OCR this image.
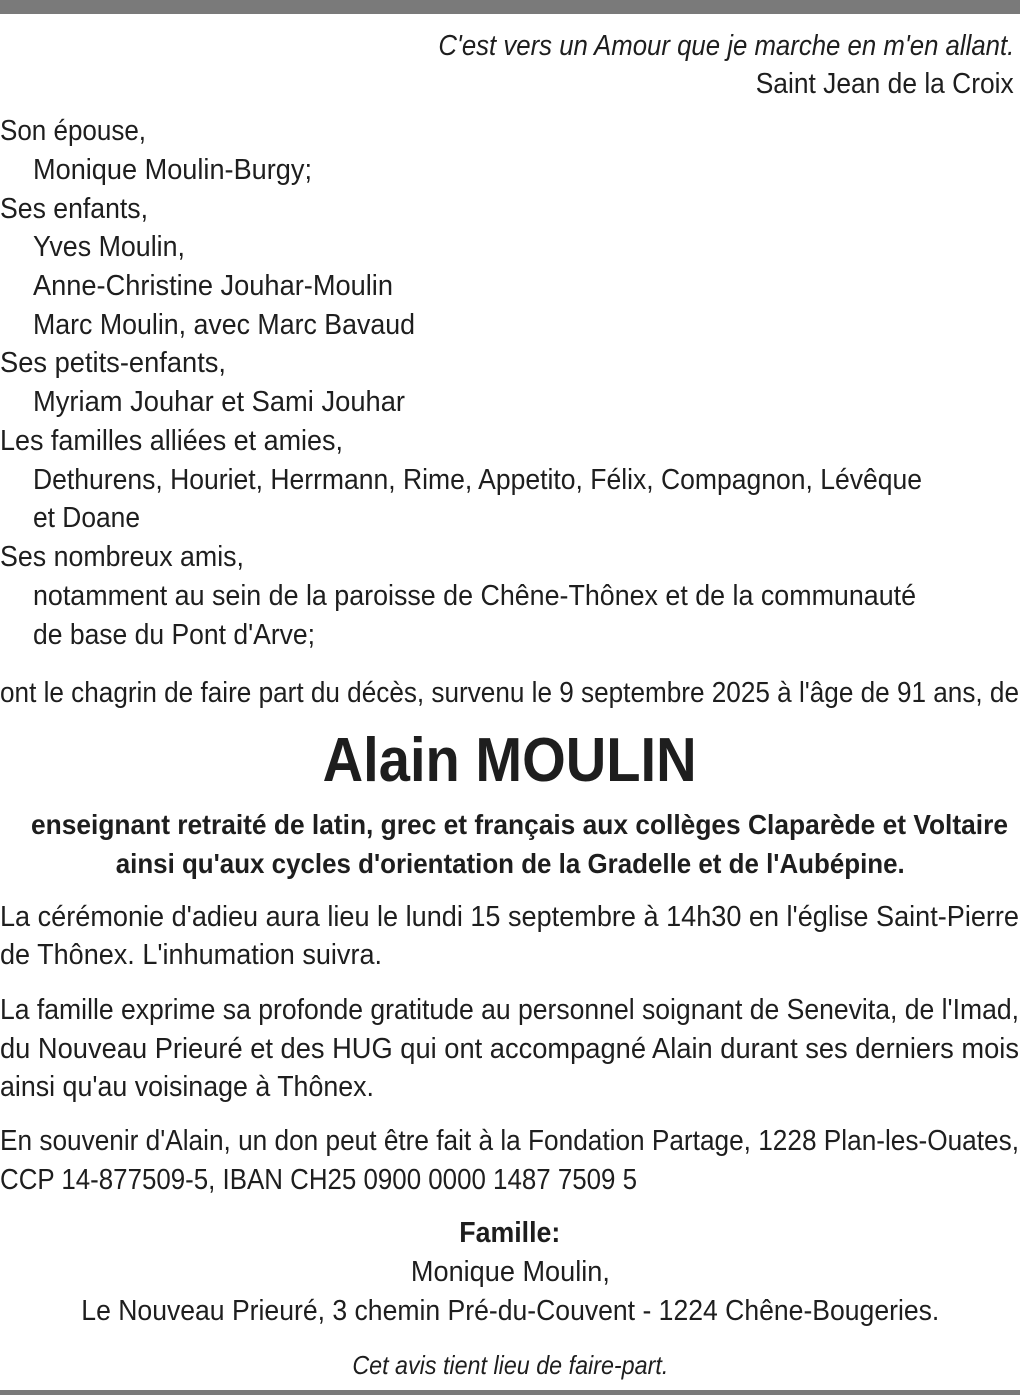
C'est vers un Amour que je marche en m'en allant.
Saint Jean de la Croix
Son épouse,
Monique Moulin-Burgy;
Ses enfants,
Yves Moulin,
Anne-Christine Jouhar-Moulin
Marc Moulin, avec Marc Bavaud
Ses petits-enfants,
Myriam Jouhar et Sami Jouhar
Les familles alliées et amies,
Dethurens, Houriet, Herrmann, Rime, Appetito, Félix, Compagnon, Lévêque
et Doane
Ses nombreux amis,
notamment au sein de la paroisse de Chêne-Thônex et de la communauté
de base du Pont d'Arve;
ont le chagrin de faire part du décès, survenu le 9 septembre 2025 à l'âge de 91 ans, de
Alain MOULIN
enseignant retraité de latin, grec et français aux collèges Claparède et Voltaire
ainsi qu'aux cycles d'orientation de la Gradelle et de l'Aubépine.
La cérémonie d'adieu aura lieu le lundi 15 septembre à 14h30 en l'église Saint-Pierre
de Thônex. L'inhumation suivra.
La famille exprime sa profonde gratitude au personnel soignant de Senevita, de l'Imad,
du Nouveau Prieuré et des HUG qui ont accompagné Alain durant ses derniers mois
ainsi qu'au voisinage à Thônex.
En souvenir d'Alain, un don peut être fait à la Fondation Partage, 1228 Plan-les-Ouates,
CCP 14-877509-5, IBAN CH25 0900 0000 1487 7509 5
Famille:
Monique Moulin,
Le Nouveau Prieuré, 3 chemin Pré-du-Couvent - 1224 Chêne-Bougeries.
Cet avis tient lieu de faire-part.
